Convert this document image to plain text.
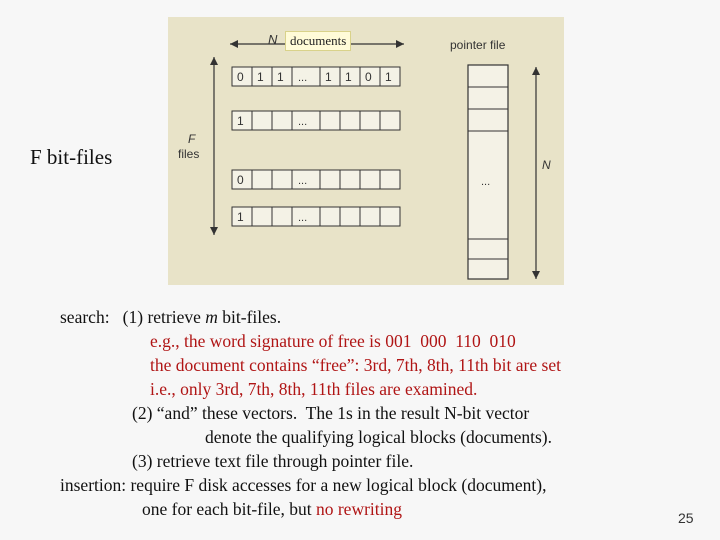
F bit-files
N	pointer file
F
files
0 1 1 ... 1 1 0 1
1	...
0	...
1	...
...
N
documents
search:   (1) retrieve m bit-files.
e.g., the word signature of free is 001  000  110  010
the document contains “free”: 3rd, 7th, 8th, 11th bit are set
i.e., only 3rd, 7th, 8th, 11th files are examined.
(2) “and” these vectors.  The 1s in the result N-bit vector
denote the qualifying logical blocks (documents).
(3) retrieve text file through pointer file.
insertion: require F disk accesses for a new logical block (document),
one for each bit-file, but no rewriting	25
